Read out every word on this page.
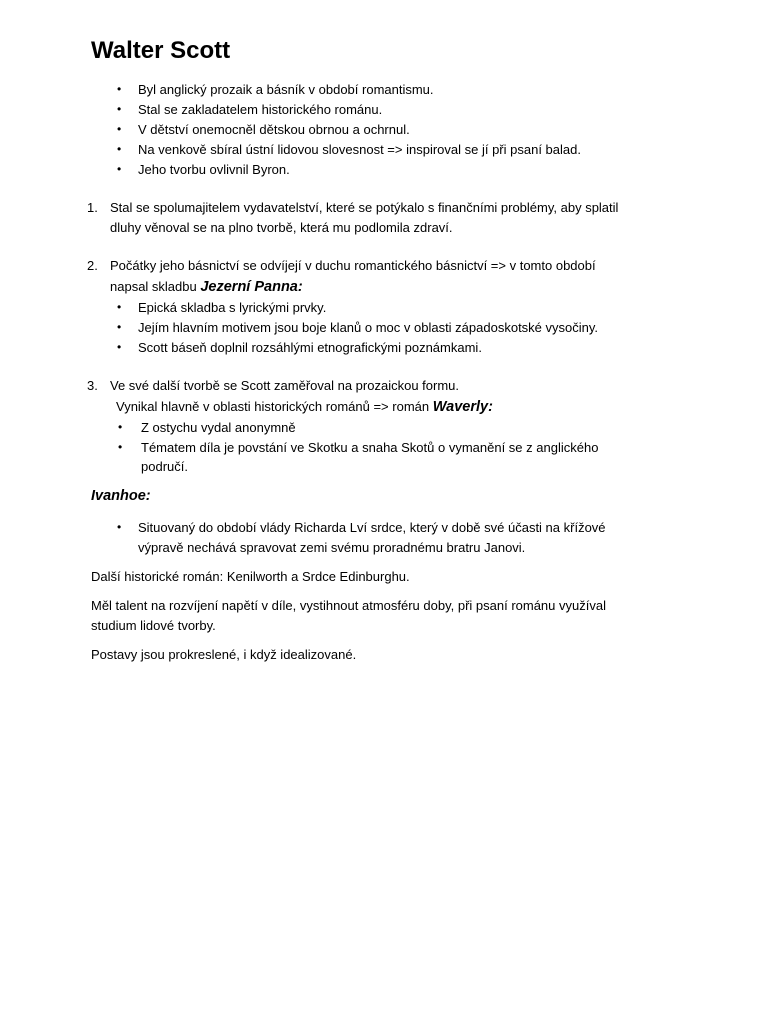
Walter Scott
• Byl anglický prozaik a básník v období romantismu.
• Stal se zakladatelem historického románu.
• V dětství onemocněl dětskou obrnou a ochrnul.
• Na venkově sbíral ústní lidovou slovesnost => inspiroval se jí při psaní balad.
• Jeho tvorbu ovlivnil Byron.
1. Stal se spolumajitelem vydavatelství, které se potýkalo s finančními problémy, aby splatil
dluhy věnoval se na plno tvorbě, která mu podlomila zdraví.
2. Počátky jeho básnictví se odvíjejí v duchu romantického básnictví => v tomto období
napsal skladbu Jezerní Panna:
• Epická skladba s lyrickými prvky.
• Jejím hlavním motivem jsou boje klanů o moc v oblasti západoskotské vysočiny.
• Scott báseň doplnil rozsáhlými etnografickými poznámkami.
3. Ve své další tvorbě se Scott zaměřoval na prozaickou formu.
Vynikal hlavně v oblasti historických románů => román Waverly:
• Z ostychu vydal anonymně
• Tématem díla je povstání ve Skotku a snaha Skotů o vymanění se z anglického
područí.
Ivanhoe:
• Situovaný do období vlády Richarda Lví srdce, který v době své účasti na křížové
výpravě nechává spravovat zemi svému proradnému bratru Janovi.
Další historické román: Kenilworth a Srdce Edinburghu.
Měl talent na rozvíjení napětí v díle, vystihnout atmosféru doby, při psaní románu využíval
studium lidové tvorby.
Postavy jsou prokreslené, i když idealizované.
